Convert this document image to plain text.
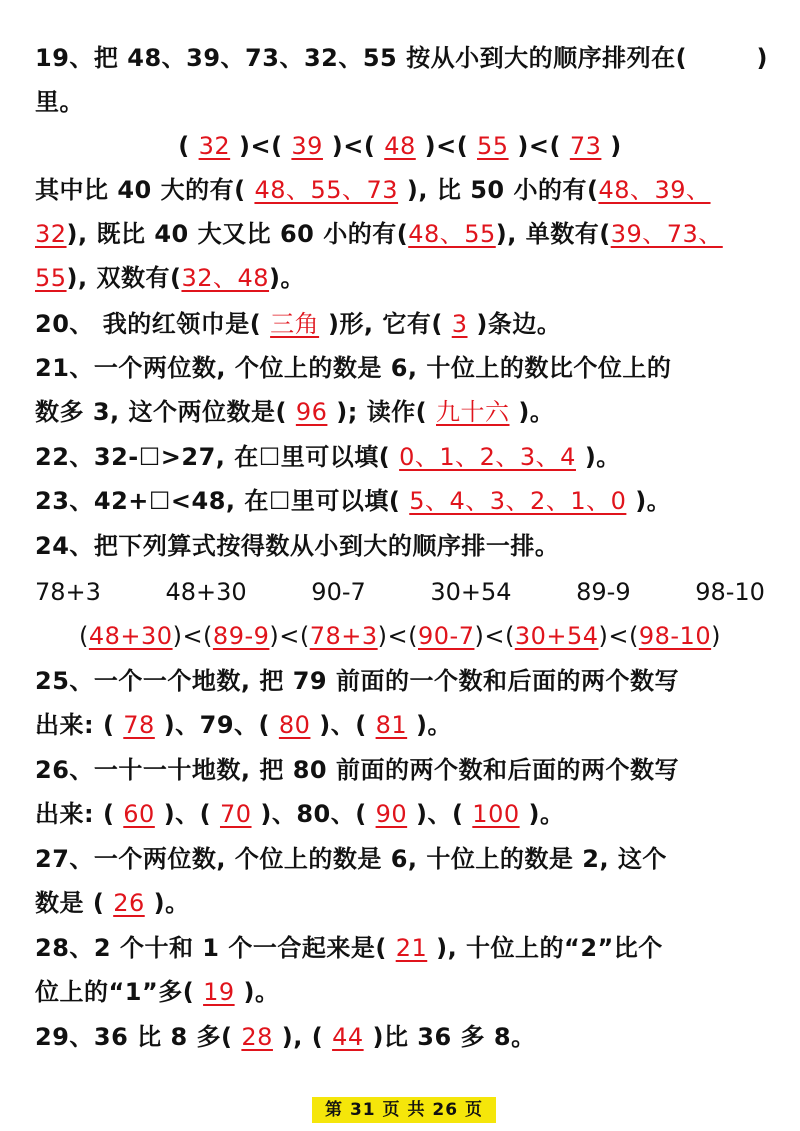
19、把 48、39、73、32、55 按从小到大的顺序排列在(	)
里。
( 32 )<( 39 )<( 48 )<( 55 )<( 73 )
其中比 40 大的有( 48、55、73 ), 比 50 小的有(48、39、
32), 既比 40 大又比 60 小的有(48、55), 单数有(39、73、
55), 双数有(32、48)。
20、 我的红领巾是( 三角 )形, 它有( 3 )条边。
21、一个两位数, 个位上的数是 6, 十位上的数比个位上的
数多 3, 这个两位数是( 96 ); 读作( 九十六 )。
22、32-☐>27, 在☐里可以填( 0、1、2、3、4 )。
23、42+☐<48, 在☐里可以填( 5、4、3、2、1、0 )。
24、把下列算式按得数从小到大的顺序排一排。
78+3	48+30	90-7	30+54	89-9	98-10
(48+30)<(89-9)<(78+3)<(90-7)<(30+54)<(98-10)
25、一个一个地数, 把 79 前面的一个数和后面的两个数写
出来: ( 78 )、79、( 80 )、( 81 )。
26、一十一十地数, 把 80 前面的两个数和后面的两个数写
出来: ( 60 )、( 70 )、80、( 90 )、( 100 )。
27、一个两位数, 个位上的数是 6, 十位上的数是 2, 这个
数是 ( 26 )。
28、2 个十和 1 个一合起来是( 21 ), 十位上的“2”比个
位上的“1”多( 19 )。
29、36 比 8 多( 28 ), ( 44 )比 36 多 8。
第 31 页 共 26 页
